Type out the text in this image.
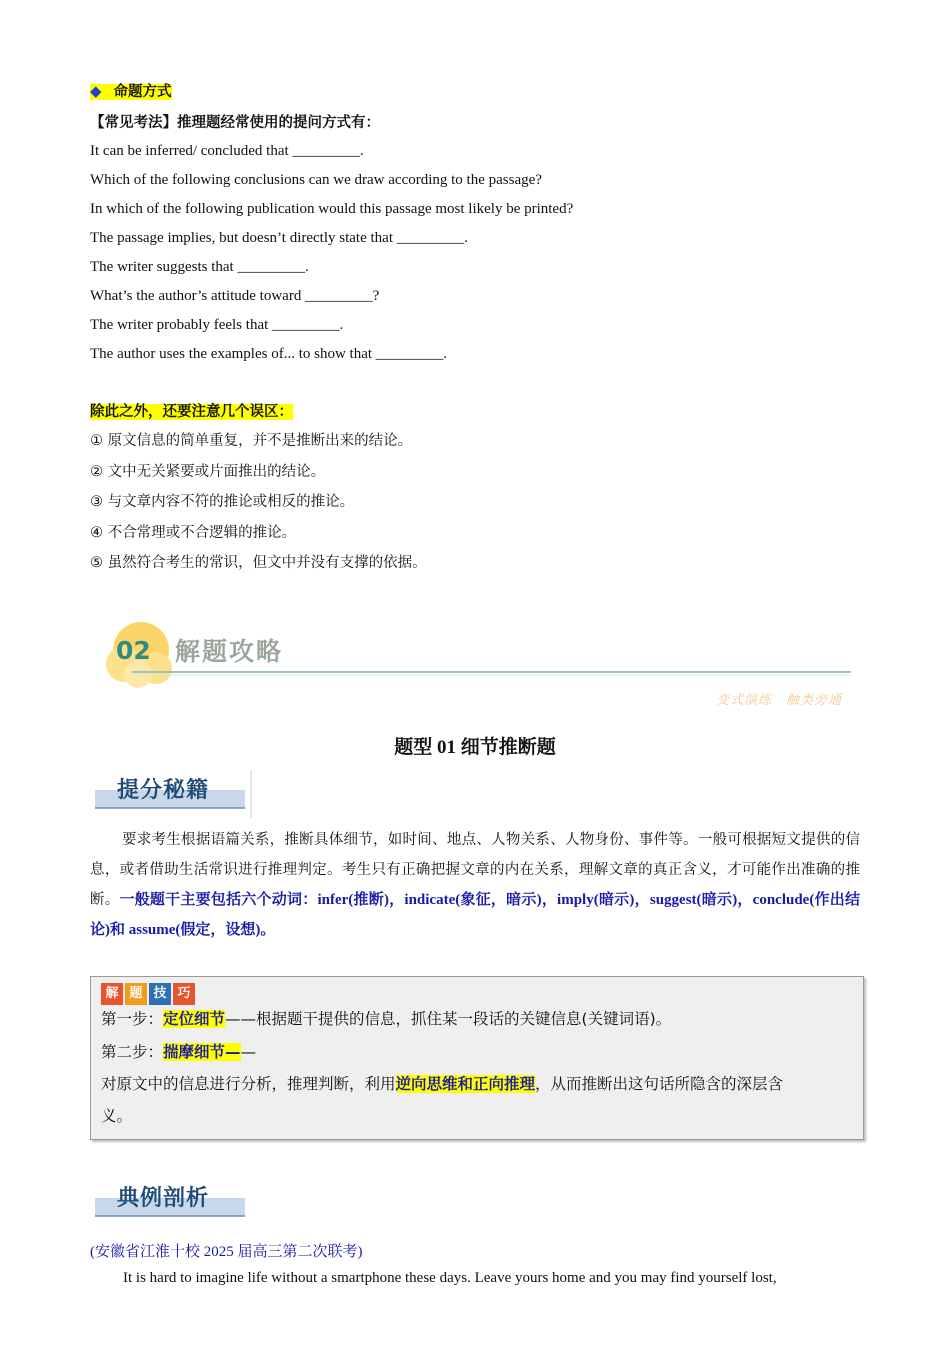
◆ 命题方式
【常见考法】推理题经常使用的提问方式有：
It can be inferred/ concluded that _________.
Which of the following conclusions can we draw according to the passage?
In which of the following publication would this passage most likely be printed?
The passage implies, but doesn’t directly state that _________.
The writer suggests that _________.
What’s the author’s attitude toward _________?
The writer probably feels that _________.
The author uses the examples of... to show that _________.
除此之外，还要注意几个误区：
① 原文信息的简单重复，并不是推断出来的结论。
② 文中无关紧要或片面推出的结论。
③ 与文章内容不符的推论或相反的推论。
④ 不合常理或不合逻辑的推论。
⑤ 虽然符合考生的常识，但文中并没有支撑的依据。
02 解题攻略
变式演练　触类旁通
题型 01 细节推断题
提分秘籍
要求考生根据语篇关系，推断具体细节，如时间、地点、人物关系、人物身份、事件等。一般可根据短文提供的信息，或者借助生活常识进行推理判定。考生只有正确把握文章的内在关系，理解文章的真正含义，才可能作出准确的推断。一般题干主要包括六个动词：infer(推断)，indicate(象征，暗示)，imply(暗示)，suggest(暗示)，conclude(作出结论)和 assume(假定，设想)。
解 题 技 巧
第一步：定位细节——根据题干提供的信息，抓住某一段话的关键信息(关键词语)。
第二步：揣摩细节——
对原文中的信息进行分析，推理判断，利用逆向思维和正向推理，从而推断出这句话所隐含的深层含
义。
典例剖析
(安徽省江淮十校 2025 届高三第二次联考)
It is hard to imagine life without a smartphone these days. Leave yours home and you may find yourself lost,
